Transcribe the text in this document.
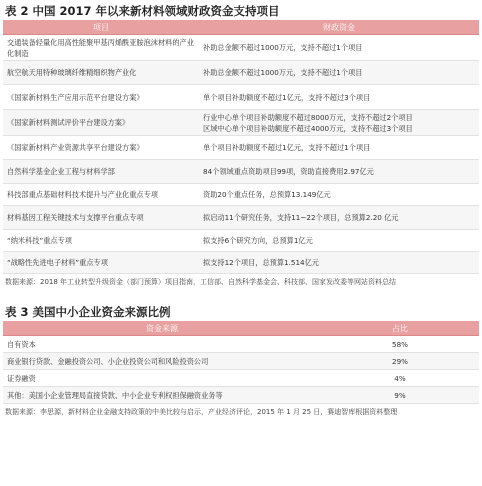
表 2 中国 2017 年以来新材料领域财政资金支持项目
项目	财政资金
交通装备轻量化用高性能聚甲基丙烯酰亚胺泡沫材料的产业化制造	补助总金额不超过1000万元，支持不超过1个项目
航空航天用特种玻璃纤维精细织物产业化	补助总金额不超过1000万元，支持不超过1个项目
《国家新材料生产应用示范平台建设方案》	单个项目补助额度不超过1亿元，支持不超过3个项目
《国家新材料测试评价平台建设方案》	行业中心单个项目补助额度不超过8000万元，支持不超过2个项目
区域中心单个项目补助额度不超过4000万元，支持不超过3个项目
《国家新材料产业资源共享平台建设方案》	单个项目补助额度不超过1亿元，支持不超过1个项目
自然科学基金企业工程与材料学部	84个领域重点资助项目99项，资助直接费用2.97亿元
科技部重点基础材料技术提升与产业化重点专项	资助20个重点任务，总预算13.149亿元
材料基因工程关键技术与支撑平台重点专项	拟启动11个研究任务，支持11~22个项目，总预算2.20 亿元
“纳米科技”重点专项	拟支持6个研究方向，总预算1亿元
“战略性先进电子材料”重点专项	拟支持12个项目，总预算1.514亿元
数据来源：2018 年工业转型升级资金（部门预算）项目指南，工信部、自然科学基金会、科技部、国家发改委等网站资料总结
表 3 美国中小企业资金来源比例
资金来源	占比
自有资本	58%
商业银行贷款、金融投资公司、小企业投资公司和风险投资公司	29%
证券融资	4%
其他：美国小企业管理局直接贷款、中小企业专利权担保融资业务等	9%
数据来源：李思源，新材料企业金融支持政策的中美比较与启示，产业经济评论，2015 年 1 月 25 日，赛迪智库根据资料整理
